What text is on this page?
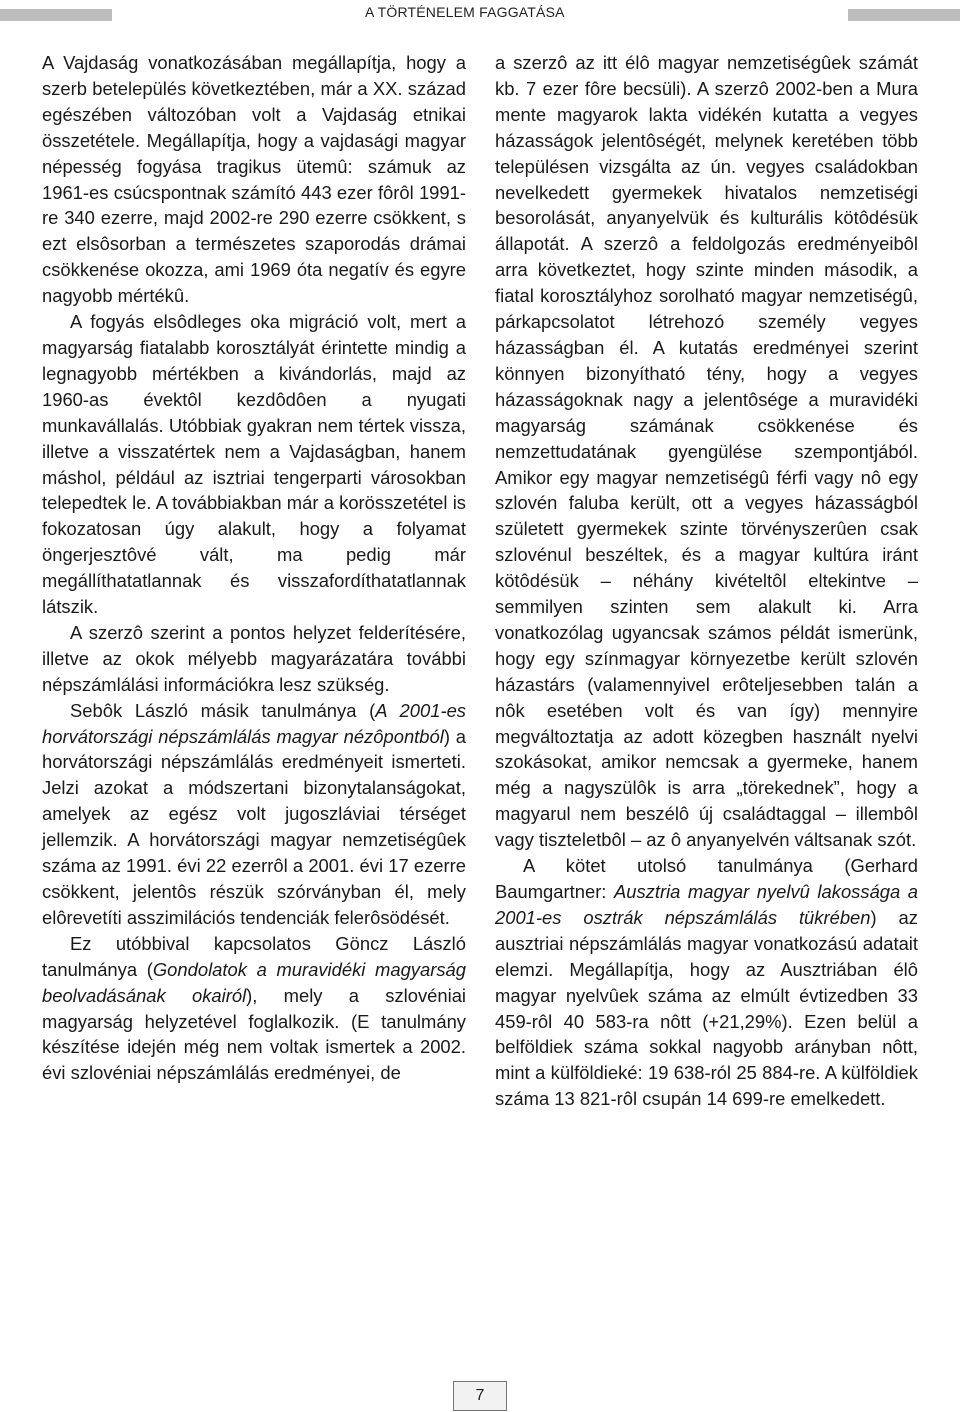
A TÖRTÉNELEM FAGGATÁSA

A Vajdaság vonatkozásában megállapítja, hogy a szerb betelepülés következtében, már a XX. század egészében változóban volt a Vajdaság etnikai összetétele. Megállapítja, hogy a vajdasági magyar népesség fogyása tragikus ütemû: számuk az 1961-es csúcspontnak számító 443 ezer fôrôl 1991-re 340 ezerre, majd 2002-re 290 ezerre csökkent, s ezt elsôsorban a természetes szaporodás drámai csökkenése okozza, ami 1969 óta negatív és egyre nagyobb mértékû.

A fogyás elsôdleges oka migráció volt, mert a magyarság fiatalabb korosztályát érintette mindig a legnagyobb mértékben a kivándorlás, majd az 1960-as évektôl kezdôdôen a nyugati munkavállalás. Utóbbiak gyakran nem tértek vissza, illetve a visszatértek nem a Vajdaságban, hanem máshol, például az isztriai tengerparti városokban telepedtek le. A továbbiakban már a korösszetétel is fokozatosan úgy alakult, hogy a folyamat öngerjesztôvé vált, ma pedig már megállíthatatlannak és visszafordíthatatlannak látszik.

A szerzô szerint a pontos helyzet felderítésére, illetve az okok mélyebb magyarázatára további népszámlálási információkra lesz szükség.

Sebôk László másik tanulmánya (A 2001-es horvátországi népszámlálás magyar nézôpontból) a horvátországi népszámlálás eredményeit ismerteti. Jelzi azokat a módszertani bizonytalanságokat, amelyek az egész volt jugoszláviai térséget jellemzik. A horvátországi magyar nemzetiségûek száma az 1991. évi 22 ezerrôl a 2001. évi 17 ezerre csökkent, jelentôs részük szórványban él, mely elôrevetíti asszimilációs tendenciák felerôsödését.

Ez utóbbival kapcsolatos Göncz László tanulmánya (Gondolatok a muravidéki magyarság beolvadásának okairól), mely a szlovéniai magyarság helyzetével foglalkozik. (E tanulmány készítése idején még nem voltak ismertek a 2002. évi szlovéniai népszámlálás eredményei, de

a szerzô az itt élô magyar nemzetiségûek számát kb. 7 ezer fôre becsüli). A szerzô 2002-ben a Mura mente magyarok lakta vidékén kutatta a vegyes házasságok jelentôségét, melynek keretében több településen vizsgálta az ún. vegyes családokban nevelkedett gyermekek hivatalos nemzetiségi besorolását, anyanyelvük és kulturális kötôdésük állapotát. A szerzô a feldolgozás eredményeibôl arra következtet, hogy szinte minden második, a fiatal korosztályhoz sorolható magyar nemzetiségû, párkapcsolatot létrehozó személy vegyes házasságban él. A kutatás eredményei szerint könnyen bizonyítható tény, hogy a vegyes házasságoknak nagy a jelentôsége a muravidéki magyarság számának csökkenése és nemzettudatának gyengülése szempontjából. Amikor egy magyar nemzetiségû férfi vagy nô egy szlovén faluba került, ott a vegyes házasságból született gyermekek szinte törvényszerûen csak szlovénul beszéltek, és a magyar kultúra iránt kötôdésük – néhány kivételtôl eltekintve – semmilyen szinten sem alakult ki. Arra vonatkozólag ugyancsak számos példát ismerünk, hogy egy színmagyar környezetbe került szlovén házastárs (valamennyivel erôteljesebben talán a nôk esetében volt és van így) mennyire megváltoztatja az adott közegben használt nyelvi szokásokat, amikor nemcsak a gyermeke, hanem még a nagyszülôk is arra „törekednek”, hogy a magyarul nem beszélô új családtaggal – illembôl vagy tiszteletbôl – az ô anyanyelvén váltsanak szót.

A kötet utolsó tanulmánya (Gerhard Baumgartner: Ausztria magyar nyelvû lakossága a 2001-es osztrák népszámlálás tükrében) az ausztriai népszámlálás magyar vonatkozású adatait elemzi. Megállapítja, hogy az Ausztriában élô magyar nyelvûek száma az elmúlt évtizedben 33 459-rôl 40 583-ra nôtt (+21,29%). Ezen belül a belföldiek száma sokkal nagyobb arányban nôtt, mint a külföldieké: 19 638-ról 25 884-re. A külföldiek száma 13 821-rôl csupán 14 699-re emelkedett.

7
